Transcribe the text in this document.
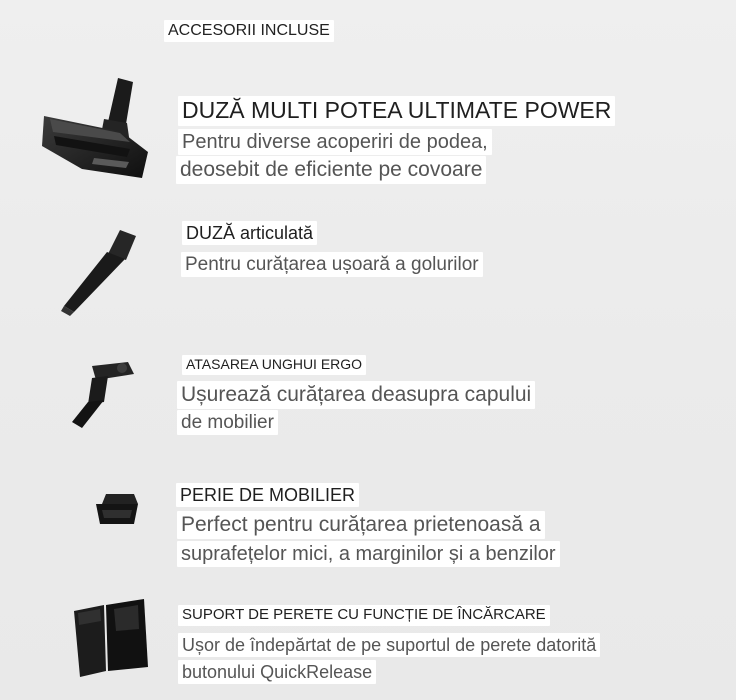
ACCESORII INCLUSE
DUZĂ MULTI POTEA ULTIMATE POWER
Pentru diverse acoperiri de podea,
deosebit de eficiente pe covoare
DUZĂ articulată
Pentru curățarea ușoară a golurilor
ATASAREA UNGHUI ERGO
Ușurează curățarea deasupra capului
de mobilier
PERIE DE MOBILIER
Perfect pentru curățarea prietenoasă a
suprafețelor mici, a marginilor și a benzilor
SUPORT DE PERETE CU FUNCȚIE DE ÎNCĂRCARE
Ușor de îndepărtat de pe suportul de perete datorită
butonului QuickRelease
